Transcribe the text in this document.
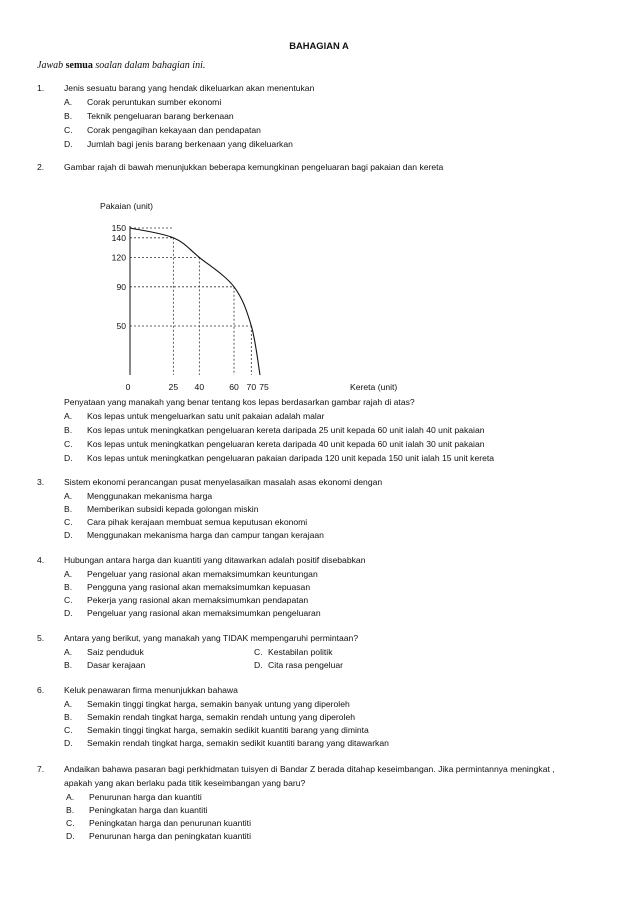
BAHAGIAN A
Jawab semua soalan dalam bahagian ini.
1. Jenis sesuatu barang yang hendak dikeluarkan akan menentukan
A. Corak peruntukan sumber ekonomi
B. Teknik pengeluaran barang berkenaan
C. Corak pengagihan kekayaan dan pendapatan
D. Jumlah bagi jenis barang berkenaan yang dikeluarkan
2. Gambar rajah di bawah menunjukkan beberapa kemungkinan pengeluaran bagi pakaian dan kereta
Pakaian (unit)
150
140
120
90
50
0	25 40	60 70 75	Kereta (unit)
Penyataan yang manakah yang benar tentang kos lepas berdasarkan gambar rajah di atas?
A. Kos lepas untuk mengeluarkan satu unit pakaian adalah malar
B. Kos lepas untuk meningkatkan pengeluaran kereta daripada 25 unit kepada 60 unit ialah 40 unit pakaian
C. Kos lepas untuk meningkatkan pengeluaran kereta daripada 40 unit kepada 60 unit ialah 30 unit pakaian
D. Kos lepas untuk meningkatkan pengeluaran pakaian daripada 120 unit kepada 150 unit ialah 15 unit kereta
3. Sistem ekonomi perancangan pusat menyelasaikan masalah asas ekonomi dengan
A. Menggunakan mekanisma harga
B. Memberikan subsidi kepada golongan miskin
C. Cara pihak kerajaan membuat semua keputusan ekonomi
D. Menggunakan mekanisma harga dan campur tangan kerajaan
4. Hubungan antara harga dan kuantiti yang ditawarkan adalah positif disebabkan
A. Pengeluar yang rasional akan memaksimumkan keuntungan
B. Pengguna yang rasional akan memaksimumkan kepuasan
C. Pekerja yang rasional akan memaksimumkan pendapatan
D. Pengeluar yang rasional akan memaksimumkan pengeluaran
5. Antara yang berikut, yang manakah yang TIDAK mempengaruhi permintaan?
A. Saiz penduduk	C. Kestabilan politik
B. Dasar kerajaan	D. Cita rasa pengeluar
6. Keluk penawaran firma menunjukkan bahawa
A. Semakin tinggi tingkat harga, semakin banyak untung yang diperoleh
B. Semakin rendah tingkat harga, semakin rendah untung yang diperoleh
C. Semakin tinggi tingkat harga, semakin sedikit kuantiti barang yang diminta
D. Semakin rendah tingkat harga, semakin sedikit kuantiti barang yang ditawarkan
7. Andaikan bahawa pasaran bagi perkhidmatan tuisyen di Bandar Z berada ditahap keseimbangan. Jika permintannya meningkat ,
apakah yang akan berlaku pada titik keseimbangan yang baru?
A. Penurunan harga dan kuantiti
B. Peningkatan harga dan kuantiti
C. Peningkatan harga dan penurunan kuantiti
D. Penurunan harga dan peningkatan kuantiti
